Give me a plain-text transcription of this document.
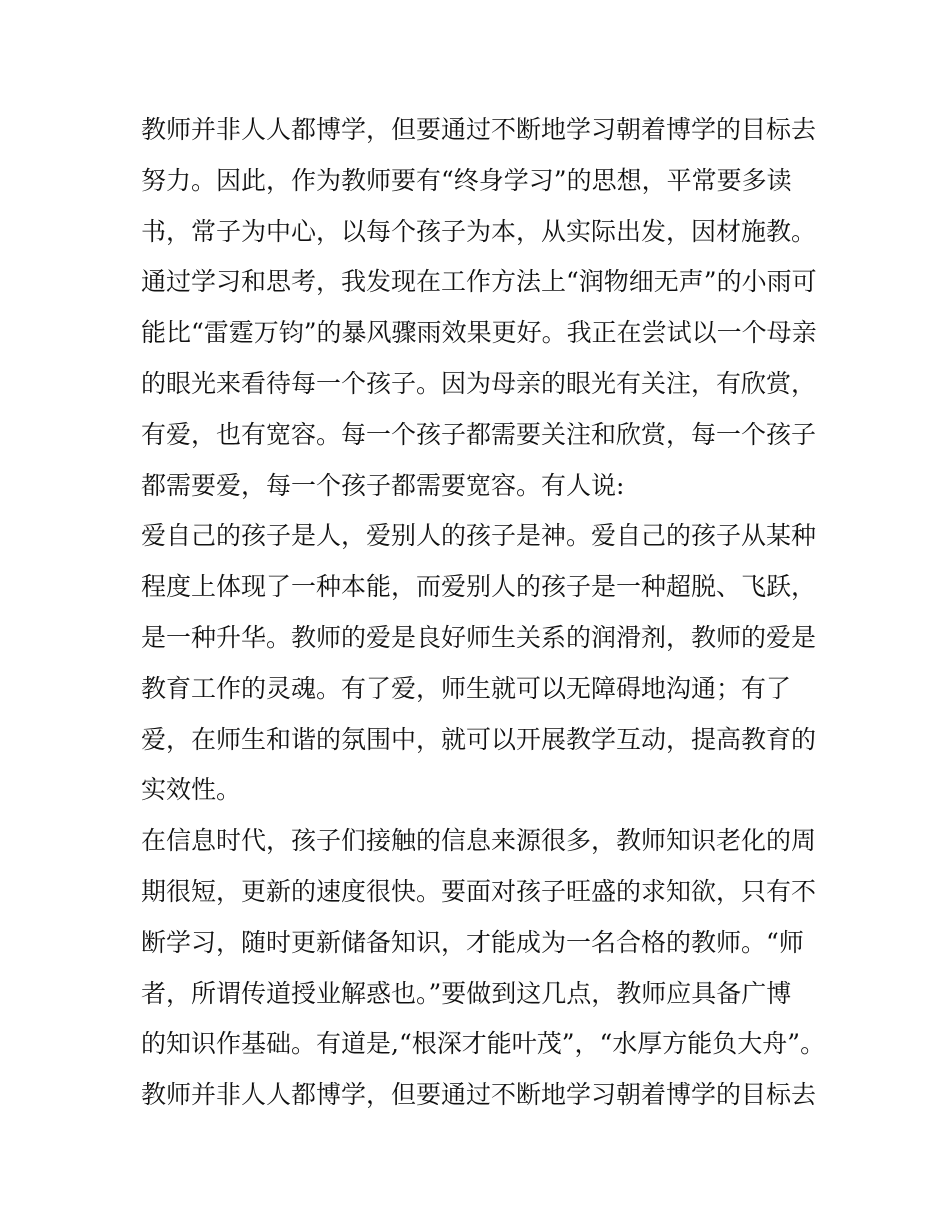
教师并非人人都博学，但要通过不断地学习朝着博学的目标去
努力。因此，作为教师要有“终身学习”的思想，平常要多读
书，常子为中心，以每个孩子为本，从实际出发，因材施教。
通过学习和思考，我发现在工作方法上“润物细无声”的小雨可
能比“雷霆万钧”的暴风骤雨效果更好。我正在尝试以一个母亲
的眼光来看待每一个孩子。因为母亲的眼光有关注，有欣赏，
有爱，也有宽容。每一个孩子都需要关注和欣赏，每一个孩子
都需要爱，每一个孩子都需要宽容。有人说:
爱自己的孩子是人，爱别人的孩子是神。爱自己的孩子从某种
程度上体现了一种本能，而爱别人的孩子是一种超脱、飞跃，
是一种升华。教师的爱是良好师生关系的润滑剂，教师的爱是
教育工作的灵魂。有了爱，师生就可以无障碍地沟通；有了
爱，在师生和谐的氛围中，就可以开展教学互动，提高教育的
实效性。
在信息时代，孩子们接触的信息来源很多，教师知识老化的周
期很短，更新的速度很快。要面对孩子旺盛的求知欲，只有不
断学习，随时更新储备知识，才能成为一名合格的教师。“师
者，所谓传道授业解惑也。”要做到这几点，教师应具备广博
的知识作基础。有道是,“根深才能叶茂”，“水厚方能负大舟”。
教师并非人人都博学，但要通过不断地学习朝着博学的目标去
